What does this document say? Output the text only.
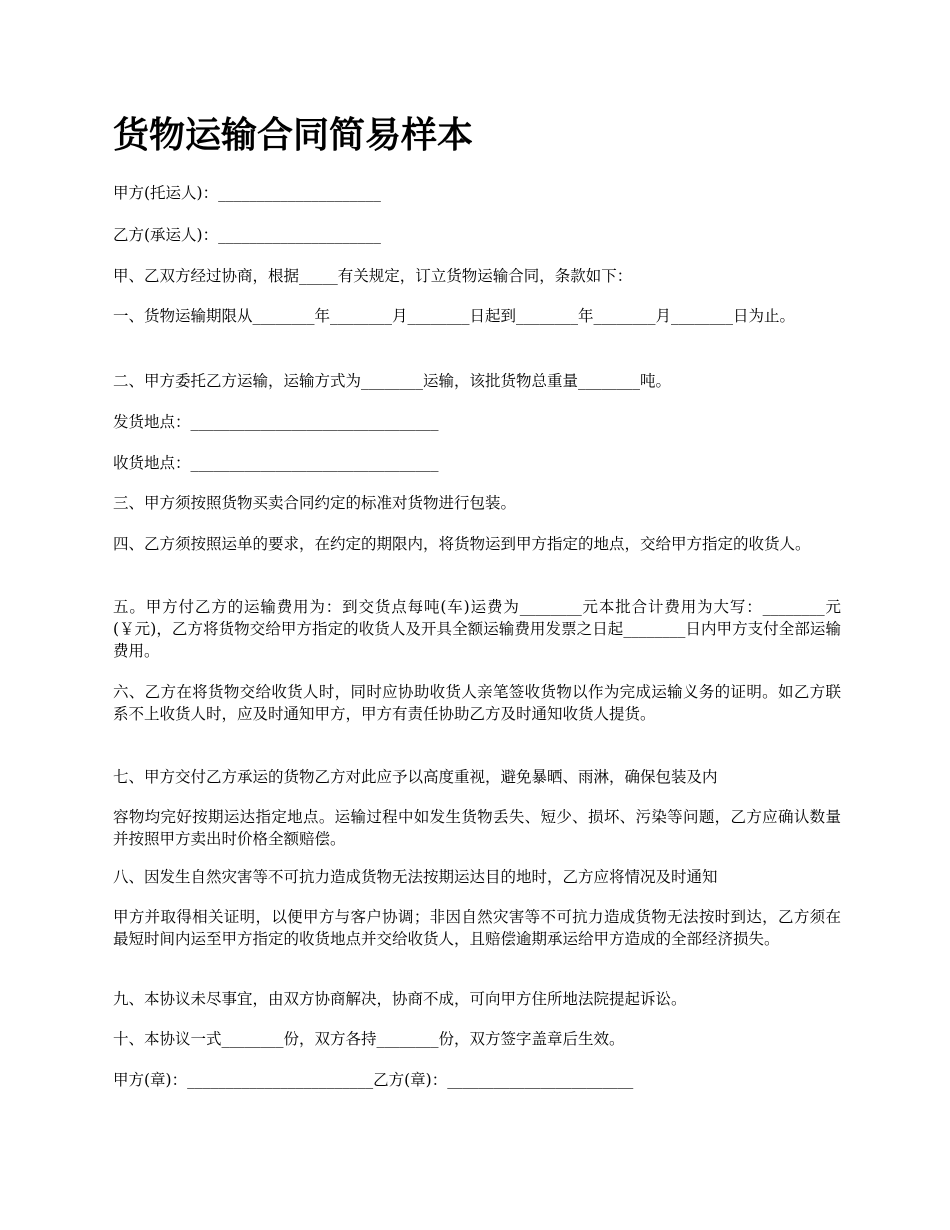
货物运输合同简易样本

甲方(托运人)：_____________________

乙方(承运人)：_____________________

甲、乙双方经过协商，根据_____有关规定，订立货物运输合同，条款如下：

一、货物运输期限从________年________月________日起到________年________月________日为止。

二、甲方委托乙方运输，运输方式为________运输，该批货物总重量________吨。

发货地点：________________________________

收货地点：________________________________

三、甲方须按照货物买卖合同约定的标准对货物进行包装。

四、乙方须按照运单的要求，在约定的期限内，将货物运到甲方指定的地点，交给甲方指定的收货人。

五。甲方付乙方的运输费用为：到交货点每吨(车)运费为________元本批合计费用为大写：________元(￥元)，乙方将货物交给甲方指定的收货人及开具全额运输费用发票之日起________日内甲方支付全部运输费用。

六、乙方在将货物交给收货人时，同时应协助收货人亲笔签收货物以作为完成运输义务的证明。如乙方联系不上收货人时，应及时通知甲方，甲方有责任协助乙方及时通知收货人提货。

七、甲方交付乙方承运的货物乙方对此应予以高度重视，避免暴晒、雨淋，确保包装及内

容物均完好按期运达指定地点。运输过程中如发生货物丢失、短少、损坏、污染等问题，乙方应确认数量并按照甲方卖出时价格全额赔偿。

八、因发生自然灾害等不可抗力造成货物无法按期运达目的地时，乙方应将情况及时通知

甲方并取得相关证明，以便甲方与客户协调；非因自然灾害等不可抗力造成货物无法按时到达，乙方须在最短时间内运至甲方指定的收货地点并交给收货人，且赔偿逾期承运给甲方造成的全部经济损失。

九、本协议未尽事宜，由双方协商解决，协商不成，可向甲方住所地法院提起诉讼。

十、本协议一式________份，双方各持________份，双方签字盖章后生效。

甲方(章)：________________________乙方(章)：________________________
